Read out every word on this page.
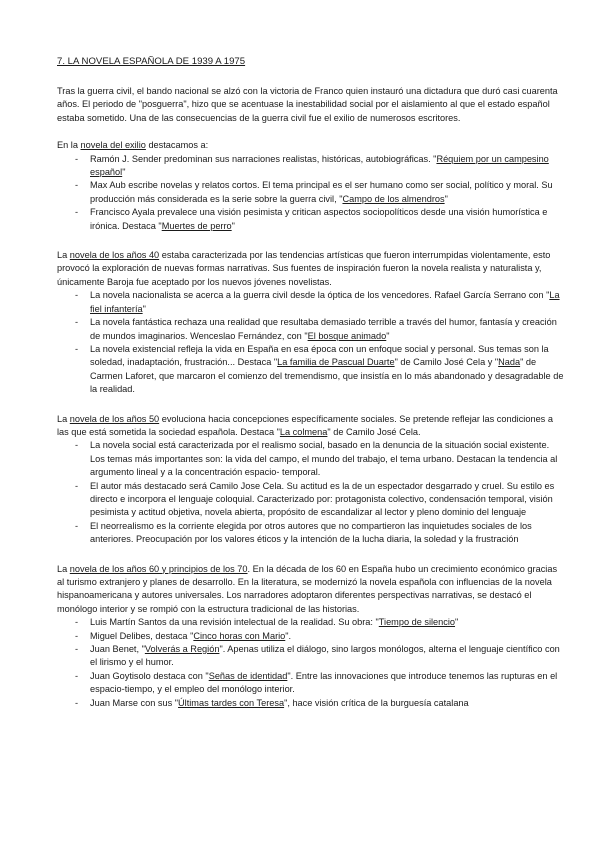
7. LA NOVELA ESPAÑOLA DE 1939 A 1975

Tras la guerra civil, el bando nacional se alzó con la victoria de Franco quien instauró una dictadura que duró casi cuarenta años. El periodo de "posguerra", hizo que se acentuase la inestabilidad social por el aislamiento al que el estado español estaba sometido. Una de las consecuencias de la guerra civil fue el exilio de numerosos escritores.

En la novela del exilio destacamos a:

- Ramón J. Sender predominan sus narraciones realistas, históricas, autobiográficas. "Réquiem por un campesino español"
- Max Aub escribe novelas y relatos cortos. El tema principal es el ser humano como ser social, político y moral. Su producción más considerada es la serie sobre la guerra civil, "Campo de los almendros"
- Francisco Ayala prevalece una visión pesimista y critican aspectos sociopolíticos desde una visión humorística e irónica. Destaca "Muertes de perro"

La novela de los años 40 estaba caracterizada por las tendencias artísticas que fueron interrumpidas violentamente, esto provocó la exploración de nuevas formas narrativas. Sus fuentes de inspiración fueron la novela realista y naturalista y, únicamente Baroja fue aceptado por los nuevos jóvenes novelistas.

- La novela nacionalista se acerca a la guerra civil desde la óptica de los vencedores. Rafael García Serrano con "La fiel infantería"
- La novela fantástica rechaza una realidad que resultaba demasiado terrible a través del humor, fantasía y creación de mundos imaginarios. Wenceslao Fernández, con "El bosque animado"
- La novela existencial refleja la vida en España en esa época con un enfoque social y personal. Sus temas son la soledad, inadaptación, frustración... Destaca "La familia de Pascual Duarte" de Camilo José Cela y "Nada" de Carmen Laforet, que marcaron el comienzo del tremendismo, que insistía en lo más abandonado y desagradable de la realidad.

La novela de los años 50 evoluciona hacia concepciones específicamente sociales. Se pretende reflejar las condiciones a las que está sometida la sociedad española. Destaca "La colmena" de Camilo José Cela.

- La novela social está caracterizada por el realismo social, basado en la denuncia de la situación social existente. Los temas más importantes son: la vida del campo, el mundo del trabajo, el tema urbano. Destacan la tendencia al argumento lineal y a la concentración espacio- temporal.
- El autor más destacado será Camilo Jose Cela. Su actitud es la de un espectador desgarrado y cruel. Su estilo es directo e incorpora el lenguaje coloquial. Caracterizado por: protagonista colectivo, condensación temporal, visión pesimista y actitud objetiva, novela abierta, propósito de escandalizar al lector y pleno dominio del lenguaje
- El neorrealismo es la corriente elegida por otros autores que no compartieron las inquietudes sociales de los anteriores. Preocupación por los valores éticos y la intención de la lucha diaria, la soledad y la frustración

La novela de los años 60 y principios de los 70. En la década de los 60 en España hubo un crecimiento económico gracias al turismo extranjero y planes de desarrollo. En la literatura, se modernizó la novela española con influencias de la novela hispanoamericana y autores universales. Los narradores adoptaron diferentes perspectivas narrativas, se destacó el monólogo interior y se rompió con la estructura tradicional de las historias.

- Luis Martín Santos da una revisión intelectual de la realidad. Su obra: "Tiempo de silencio"
- Miguel Delibes, destaca "Cinco horas con Mario".
- Juan Benet, "Volverás a Región". Apenas utiliza el diálogo, sino largos monólogos, alterna el lenguaje científico con el lirismo y el humor.
- Juan Goytisolo destaca con "Señas de identidad". Entre las innovaciones que introduce tenemos las rupturas en el espacio-tiempo, y el empleo del monólogo interior.
- Juan Marse con sus "Últimas tardes con Teresa", hace visión crítica de la burguesía catalana
